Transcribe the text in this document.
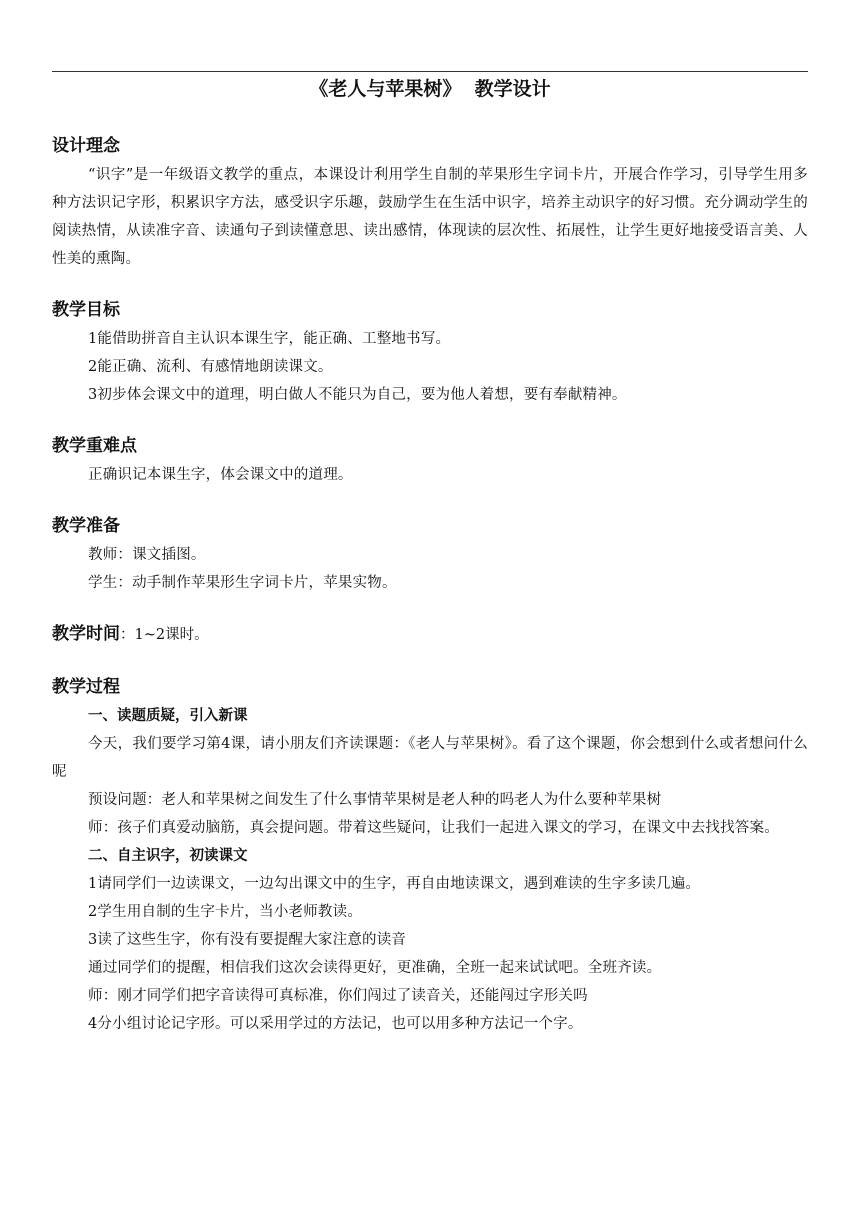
《老人与苹果树》  教学设计

设计理念

“识字”是一年级语文教学的重点，本课设计利用学生自制的苹果形生字词卡片，开展合作学习，引导学生用多种方法识记字形，积累识字方法，感受识字乐趣，鼓励学生在生活中识字，培养主动识字的好习惯。充分调动学生的阅读热情，从读准字音、读通句子到读懂意思、读出感情，体现读的层次性、拓展性，让学生更好地接受语言美、人性美的熏陶。

教学目标

1能借助拼音自主认识本课生字，能正确、工整地书写。

2能正确、流利、有感情地朗读课文。

3初步体会课文中的道理，明白做人不能只为自己，要为他人着想，要有奉献精神。

教学重难点

正确识记本课生字，体会课文中的道理。

教学准备

教师：课文插图。

学生：动手制作苹果形生字词卡片，苹果实物。

教学时间：1~2课时。

教学过程

一、读题质疑，引入新课

今天，我们要学习第4课，请小朋友们齐读课题：《老人与苹果树》。看了这个课题，你会想到什么或者想问什么呢

预设问题：老人和苹果树之间发生了什么事情苹果树是老人种的吗老人为什么要种苹果树

师：孩子们真爱动脑筋，真会提问题。带着这些疑问，让我们一起进入课文的学习，在课文中去找找答案。

二、自主识字，初读课文

1请同学们一边读课文，一边勾出课文中的生字，再自由地读课文，遇到难读的生字多读几遍。

2学生用自制的生字卡片，当小老师教读。

3读了这些生字，你有没有要提醒大家注意的读音

通过同学们的提醒，相信我们这次会读得更好，更准确，全班一起来试试吧。全班齐读。

师：刚才同学们把字音读得可真标准，你们闯过了读音关，还能闯过字形关吗

4分小组讨论记字形。可以采用学过的方法记，也可以用多种方法记一个字。
